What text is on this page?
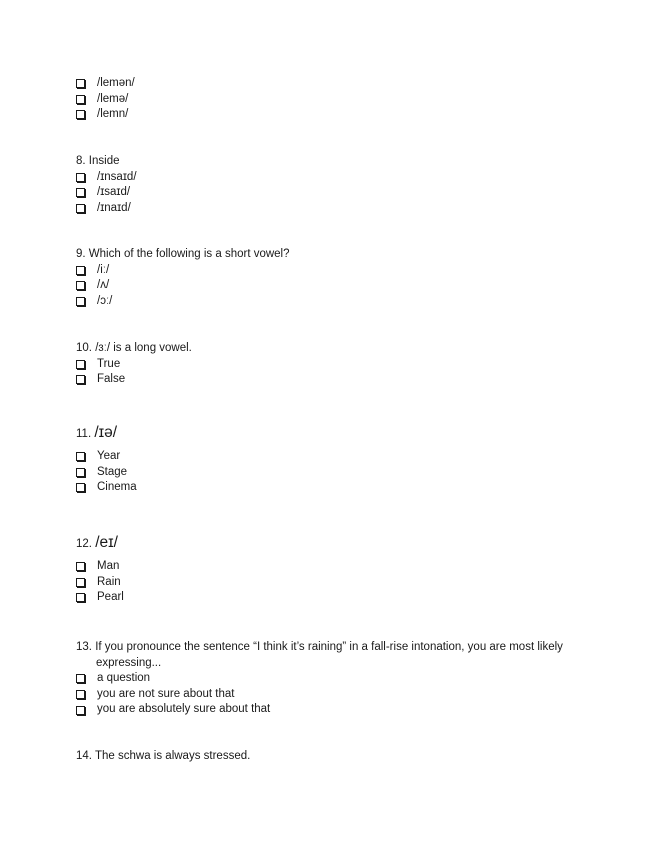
/lemən/
/lemə/
/lemn/
8. Inside
/ɪnsaɪd/
/ɪsaɪd/
/ɪnaɪd/
9. Which of the following is a short vowel?
/iː/
/ʌ/
/ɔː/
10. /ɜː/ is a long vowel.
True
False
11. /ɪə/
Year
Stage
Cinema
12. /eɪ/
Man
Rain
Pearl
13. If you pronounce the sentence “I think it’s raining” in a fall-rise intonation, you are most likely
expressing...
a question
you are not sure about that
you are absolutely sure about that
14. The schwa is always stressed.
